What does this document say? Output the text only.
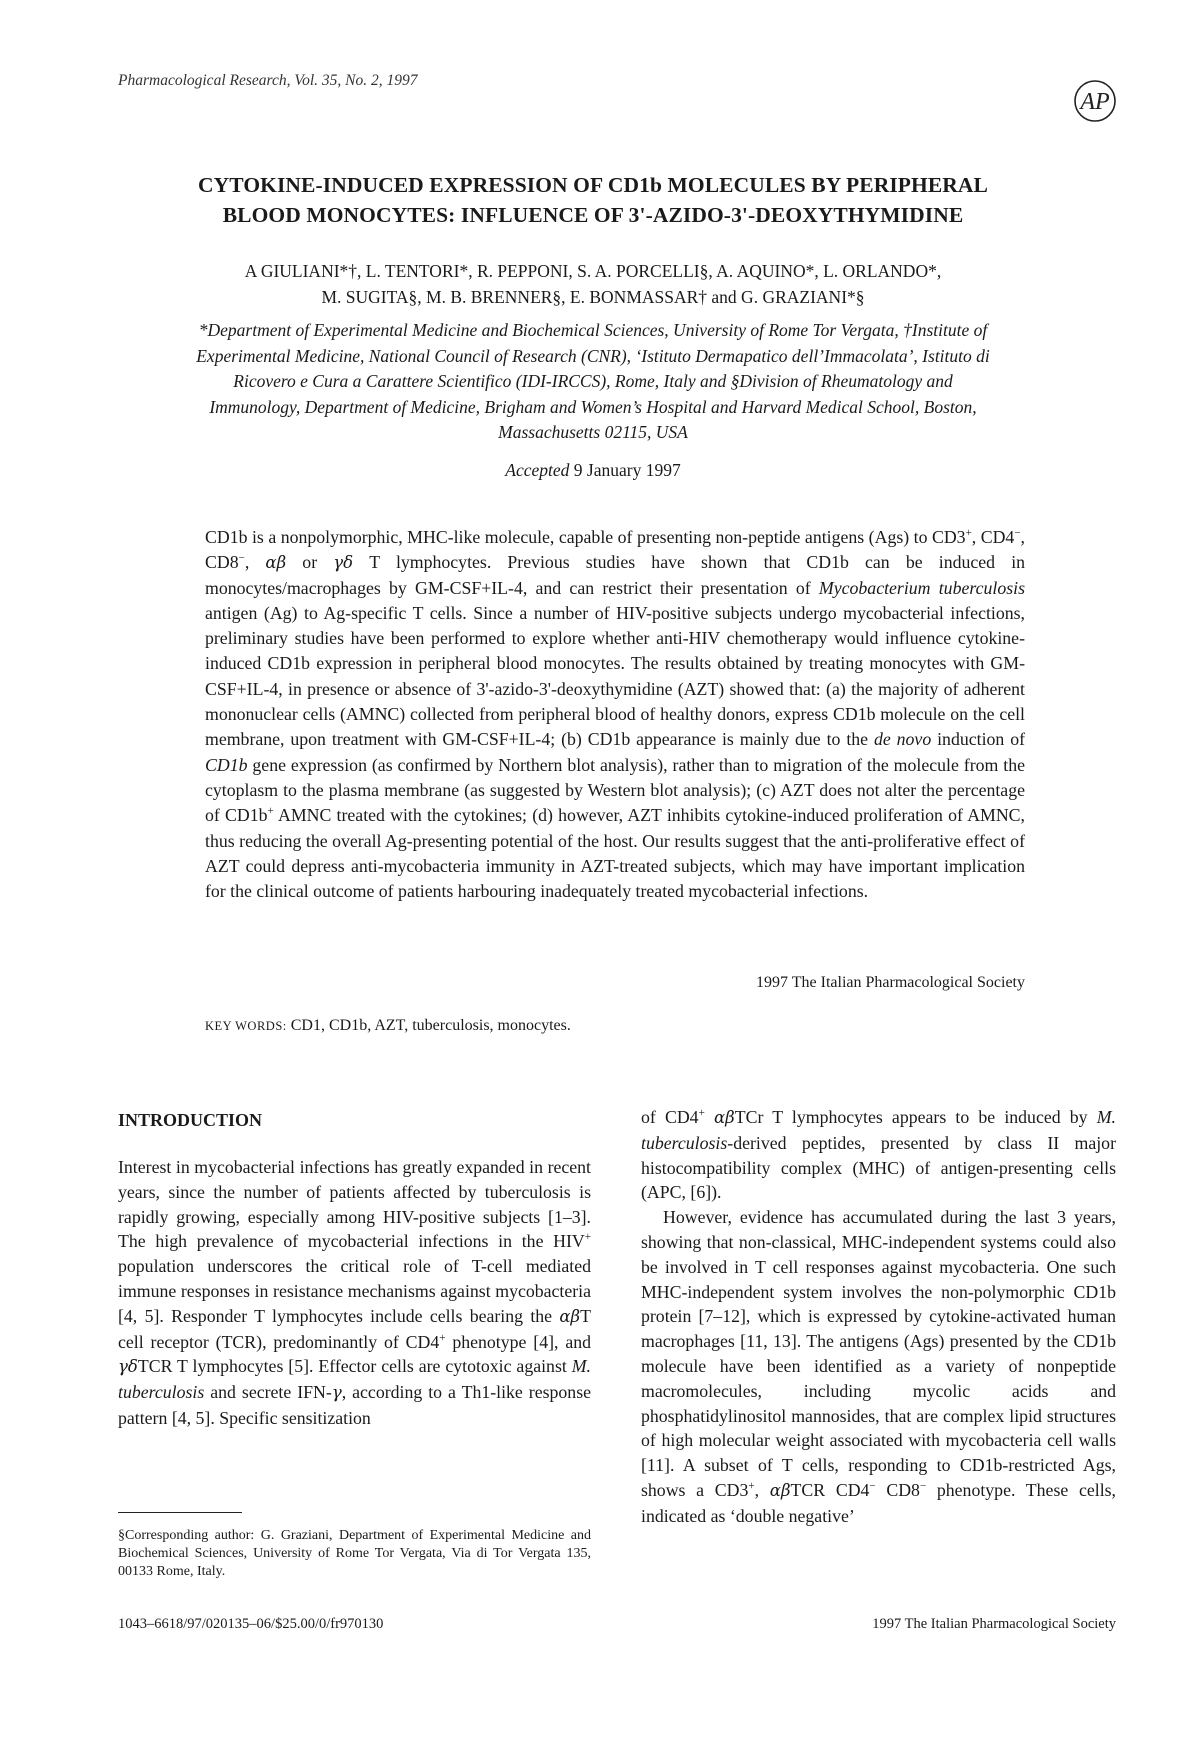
Pharmacological Research, Vol. 35, No. 2, 1997
AP
CYTOKINE-INDUCED EXPRESSION OF CD1b MOLECULES BY PERIPHERAL
BLOOD MONOCYTES: INFLUENCE OF 3'-AZIDO-3'-DEOXYTHYMIDINE
A GIULIANI*†, L. TENTORI*, R. PEPPONI, S. A. PORCELLI§, A. AQUINO*, L. ORLANDO*,
M. SUGITA§, M. B. BRENNER§, E. BONMASSAR† and G. GRAZIANI*§
*Department of Experimental Medicine and Biochemical Sciences, University of Rome Tor Vergata, †Institute of
Experimental Medicine, National Council of Research (CNR), ‘Istituto Dermapatico dell’Immacolata’, Istituto di
Ricovero e Cura a Carattere Scientifico (IDI-IRCCS), Rome, Italy and §Division of Rheumatology and
Immunology, Department of Medicine, Brigham and Women’s Hospital and Harvard Medical School, Boston,
Massachusetts 02115, USA
Accepted 9 January 1997
CD1b is a nonpolymorphic, MHC-like molecule, capable of presenting non-peptide antigens (Ags) to CD3+, CD4−, CD8−, αβ or γδ T lymphocytes. Previous studies have shown that CD1b can be induced in monocytes/macrophages by GM-CSF+IL-4, and can restrict their presentation of Mycobacterium tuberculosis antigen (Ag) to Ag-specific T cells. Since a number of HIV-positive subjects undergo mycobacterial infections, preliminary studies have been performed to explore whether anti-HIV chemotherapy would influence cytokine-induced CD1b expression in peripheral blood monocytes. The results obtained by treating monocytes with GM-CSF+IL-4, in presence or absence of 3'-azido-3'-deoxythymidine (AZT) showed that: (a) the majority of adherent mononuclear cells (AMNC) collected from peripheral blood of healthy donors, express CD1b molecule on the cell membrane, upon treatment with GM-CSF+IL-4; (b) CD1b appearance is mainly due to the de novo induction of CD1b gene expression (as confirmed by Northern blot analysis), rather than to migration of the molecule from the cytoplasm to the plasma membrane (as suggested by Western blot analysis); (c) AZT does not alter the percentage of CD1b+ AMNC treated with the cytokines; (d) however, AZT inhibits cytokine-induced proliferation of AMNC, thus reducing the overall Ag-presenting potential of the host. Our results suggest that the anti-proliferative effect of AZT could depress anti-mycobacteria immunity in AZT-treated subjects, which may have important implication for the clinical outcome of patients harbouring inadequately treated mycobacterial infections.
1997 The Italian Pharmacological Society
KEY WORDS: CD1, CD1b, AZT, tuberculosis, monocytes.
INTRODUCTION

Interest in mycobacterial infections has greatly expanded in recent years, since the number of patients affected by tuberculosis is rapidly growing, especially among HIV-positive subjects [1–3]. The high prevalence of mycobacterial infections in the HIV+ population underscores the critical role of T-cell mediated immune responses in resistance mechanisms against mycobacteria [4, 5]. Responder T lymphocytes include cells bearing the αβT cell receptor (TCR), predominantly of CD4+ phenotype [4], and γδTCR T lymphocytes [5]. Effector cells are cytotoxic against M. tuberculosis and secrete IFN-γ, according to a Th1-like response pattern [4, 5]. Specific sensitization

of CD4+ αβTCr T lymphocytes appears to be induced by M. tuberculosis-derived peptides, presented by class II major histocompatibility complex (MHC) of antigen-presenting cells (APC, [6]).

However, evidence has accumulated during the last 3 years, showing that non-classical, MHC-independent systems could also be involved in T cell responses against mycobacteria. One such MHC-independent system involves the non-polymorphic CD1b protein [7–12], which is expressed by cytokine-activated human macrophages [11, 13]. The antigens (Ags) presented by the CD1b molecule have been identified as a variety of nonpeptide macromolecules, including mycolic acids and phosphatidylinositol mannosides, that are complex lipid structures of high molecular weight associated with mycobacteria cell walls [11]. A subset of T cells, responding to CD1b-restricted Ags, shows a CD3+, αβTCR CD4− CD8− phenotype. These cells, indicated as ‘double negative’

§Corresponding author: G. Graziani, Department of Experimental Medicine and Biochemical Sciences, University of Rome Tor Vergata, Via di Tor Vergata 135, 00133 Rome, Italy.
1043–6618/97/020135–06/$25.00/0/fr970130	1997 The Italian Pharmacological Society
